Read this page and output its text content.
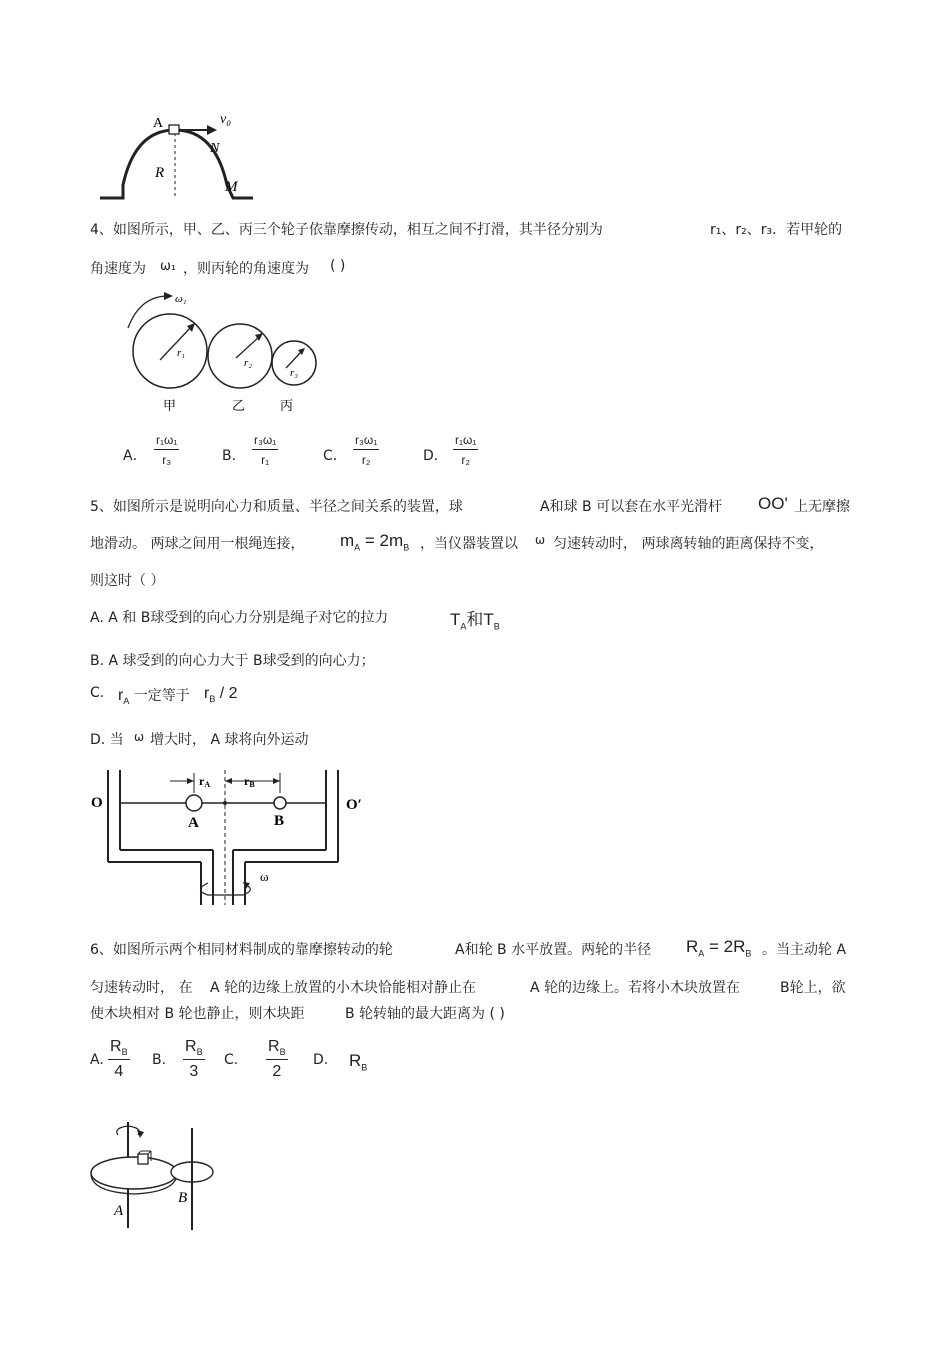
A	v₀
N
R
M
4、如图所示，甲、乙、丙三个轮子依靠摩擦传动，相互之间不打滑，其半径分别为	r₁、r₂、r₃．若甲轮的
角速度为 ω₁ ，则丙轮的角速度为 ( )
ω₁
r₁
r₂
r₃
甲	乙	丙
A． $\frac{\text{r₁ω₁}}{\text{r₃}}$	B． $\frac{\text{r₃ω₁}}{\text{r₁}}$	C． $\frac{\text{r₃ω₁}}{\text{r₂}}$	D． $\frac{\text{r₁ω₁}}{\text{r₂}}$
5、如图所示是说明向心力和质量、半径之间关系的装置，球	A和球 B 可以套在水平光滑杆 OO' 上无摩擦
地滑动。 两球之间用一根绳连接， $m_A = 2m_B$ ，当仪器装置以 ω 匀速转动时， 两球离转轴的距离保持不变，
则这时（ ）
A. A 和 B球受到的向心力分别是绳子对它的拉力	$T_A$和$T_B$
B. A 球受到的向心力大于 B球受到的向心力；
C. $r_A$ 一定等于 $r_B / 2$
D. 当 ω 增大时， A 球将向外运动
O	O′
rA	rB
A	B
ω
6、如图所示两个相同材料制成的靠摩擦转动的轮	A和轮 B 水平放置。两轮的半径 $R_A = 2R_B$ 。当主动轮 A
匀速转动时， 在 A 轮的边缘上放置的小木块恰能相对静止在	A 轮的边缘上。若将小木块放置在	B轮上，欲
使木块相对 B 轮也静止，则木块距	B 轮转轴的最大距离为 ( )
A. $\frac{R_B}{4} B$. $\frac{R_B}{3} C$. $\frac{R_B}{2} D$. $R_B$
A
B
